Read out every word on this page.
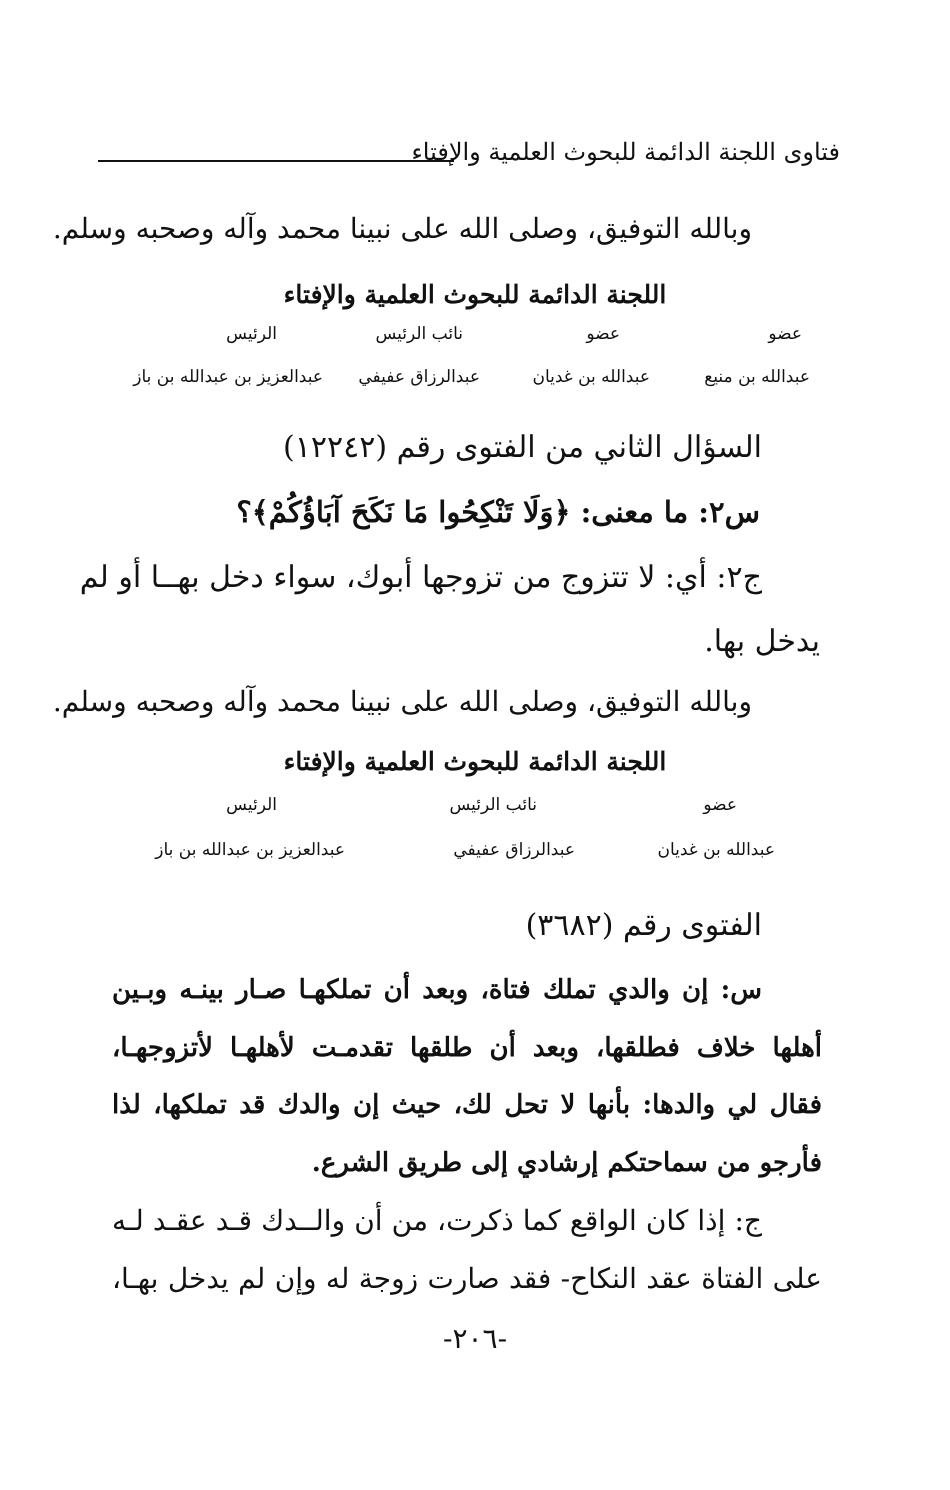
فتاوى اللجنة الدائمة للبحوث العلمية والإفتاء
وبالله التوفيق، وصلى الله على نبينا محمد وآله وصحبه وسلم.
اللجنة الدائمة للبحوث العلمية والإفتاء
عضو
عضو
نائب الرئيس
الرئيس
عبدالله بن منيع
عبدالله بن غديان
عبدالرزاق عفيفي
عبدالعزيز بن عبدالله بن باز
السؤال الثاني من الفتوى رقم (١٢٢٤٢)
س٢: ما معنى: ﴿وَلَا تَنْكِحُوا مَا نَكَحَ آبَاؤُكُمْ﴾؟
ج٢: أي: لا تتزوج من تزوجها أبوك، سواء دخل بهــا أو لم
يدخل بها.
وبالله التوفيق، وصلى الله على نبينا محمد وآله وصحبه وسلم.
اللجنة الدائمة للبحوث العلمية والإفتاء
عضو
نائب الرئيس
الرئيس
عبدالله بن غديان
عبدالرزاق عفيفي
عبدالعزيز بن عبدالله بن باز
الفتوى رقم (٣٦٨٢)
س: إن والدي تملك فتاة، وبعد أن تملكهـا صـار بينـه وبـين
أهلها خلاف فطلقها، وبعد أن طلقها تقدمـت لأهلهـا لأتزوجهـا،
فقال لي والدها: بأنها لا تحل لك، حيث إن والدك قد تملكها، لذا
فأرجو من سماحتكم إرشادي إلى طريق الشرع.
ج: إذا كان الواقع كما ذكرت، من أن والــدك قـد عقـد لـه
على الفتاة عقد النكاح- فقد صارت زوجة له وإن لم يدخل بهـا،
-٢٠٦-
